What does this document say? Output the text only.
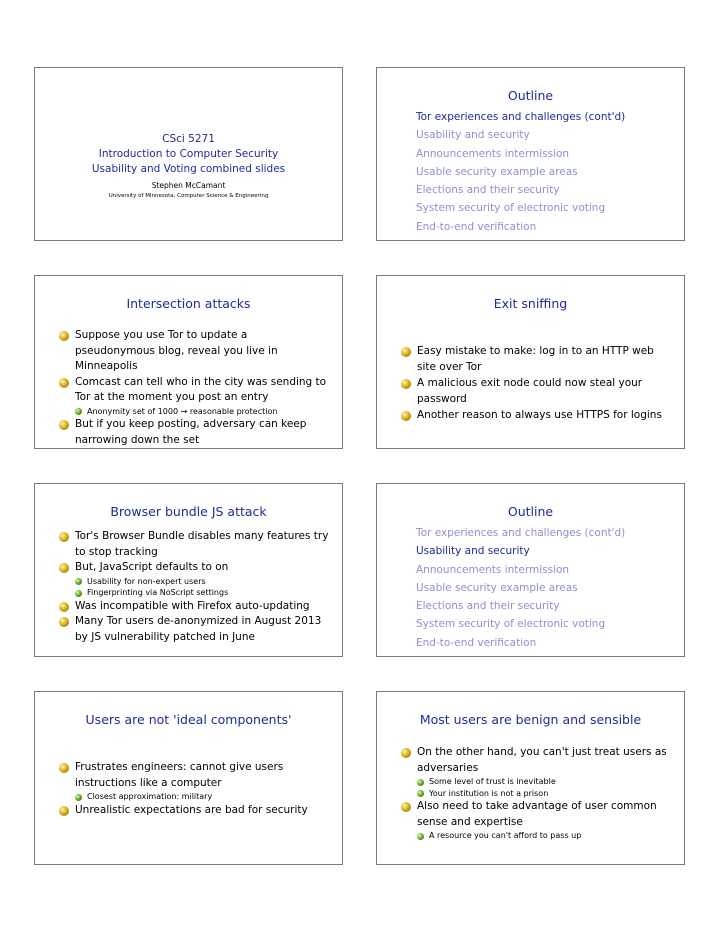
CSci 5271
Introduction to Computer Security
Usability and Voting combined slides
Stephen McCamant
University of Minnesota, Computer Science & Engineering
Outline
Tor experiences and challenges (cont'd)
Usability and security
Announcements intermission
Usable security example areas
Elections and their security
System security of electronic voting
End-to-end verification
Intersection attacks
Suppose you use Tor to update a pseudonymous blog, reveal you live in Minneapolis
Comcast can tell who in the city was sending to Tor at the moment you post an entry
Anonymity set of 1000 → reasonable protection
But if you keep posting, adversary can keep narrowing down the set
Exit sniffing
Easy mistake to make: log in to an HTTP web site over Tor
A malicious exit node could now steal your password
Another reason to always use HTTPS for logins
Browser bundle JS attack
Tor's Browser Bundle disables many features try to stop tracking
But, JavaScript defaults to on
Usability for non-expert users
Fingerprinting via NoScript settings
Was incompatible with Firefox auto-updating
Many Tor users de-anonymized in August 2013 by JS vulnerability patched in June
Outline
Tor experiences and challenges (cont'd)
Usability and security
Announcements intermission
Usable security example areas
Elections and their security
System security of electronic voting
End-to-end verification
Users are not 'ideal components'
Frustrates engineers: cannot give users instructions like a computer
Closest approximation: military
Unrealistic expectations are bad for security
Most users are benign and sensible
On the other hand, you can't just treat users as adversaries
Some level of trust is inevitable
Your institution is not a prison
Also need to take advantage of user common sense and expertise
A resource you can't afford to pass up
